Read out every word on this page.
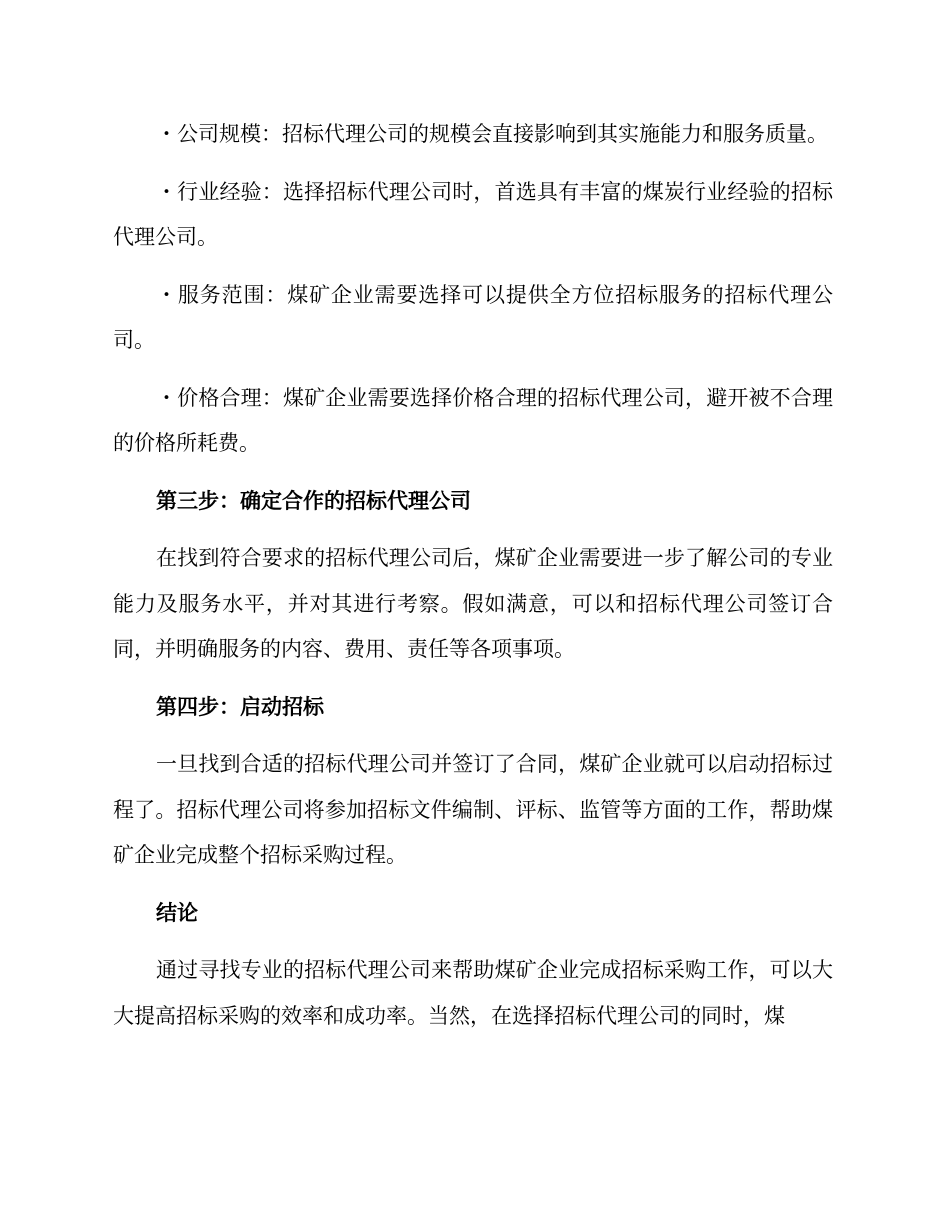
・公司规模：招标代理公司的规模会直接影响到其实施能力和服务质量。

・行业经验：选择招标代理公司时，首选具有丰富的煤炭行业经验的招标代理公司。

・服务范围：煤矿企业需要选择可以提供全方位招标服务的招标代理公司。

・价格合理：煤矿企业需要选择价格合理的招标代理公司，避开被不合理的价格所耗费。

第三步：确定合作的招标代理公司

在找到符合要求的招标代理公司后，煤矿企业需要进一步了解公司的专业能力及服务水平，并对其进行考察。假如满意，可以和招标代理公司签订合同，并明确服务的内容、费用、责任等各项事项。

第四步：启动招标

一旦找到合适的招标代理公司并签订了合同，煤矿企业就可以启动招标过程了。招标代理公司将参加招标文件编制、评标、监管等方面的工作，帮助煤矿企业完成整个招标采购过程。

结论

通过寻找专业的招标代理公司来帮助煤矿企业完成招标采购工作，可以大大提高招标采购的效率和成功率。当然，在选择招标代理公司的同时，煤
